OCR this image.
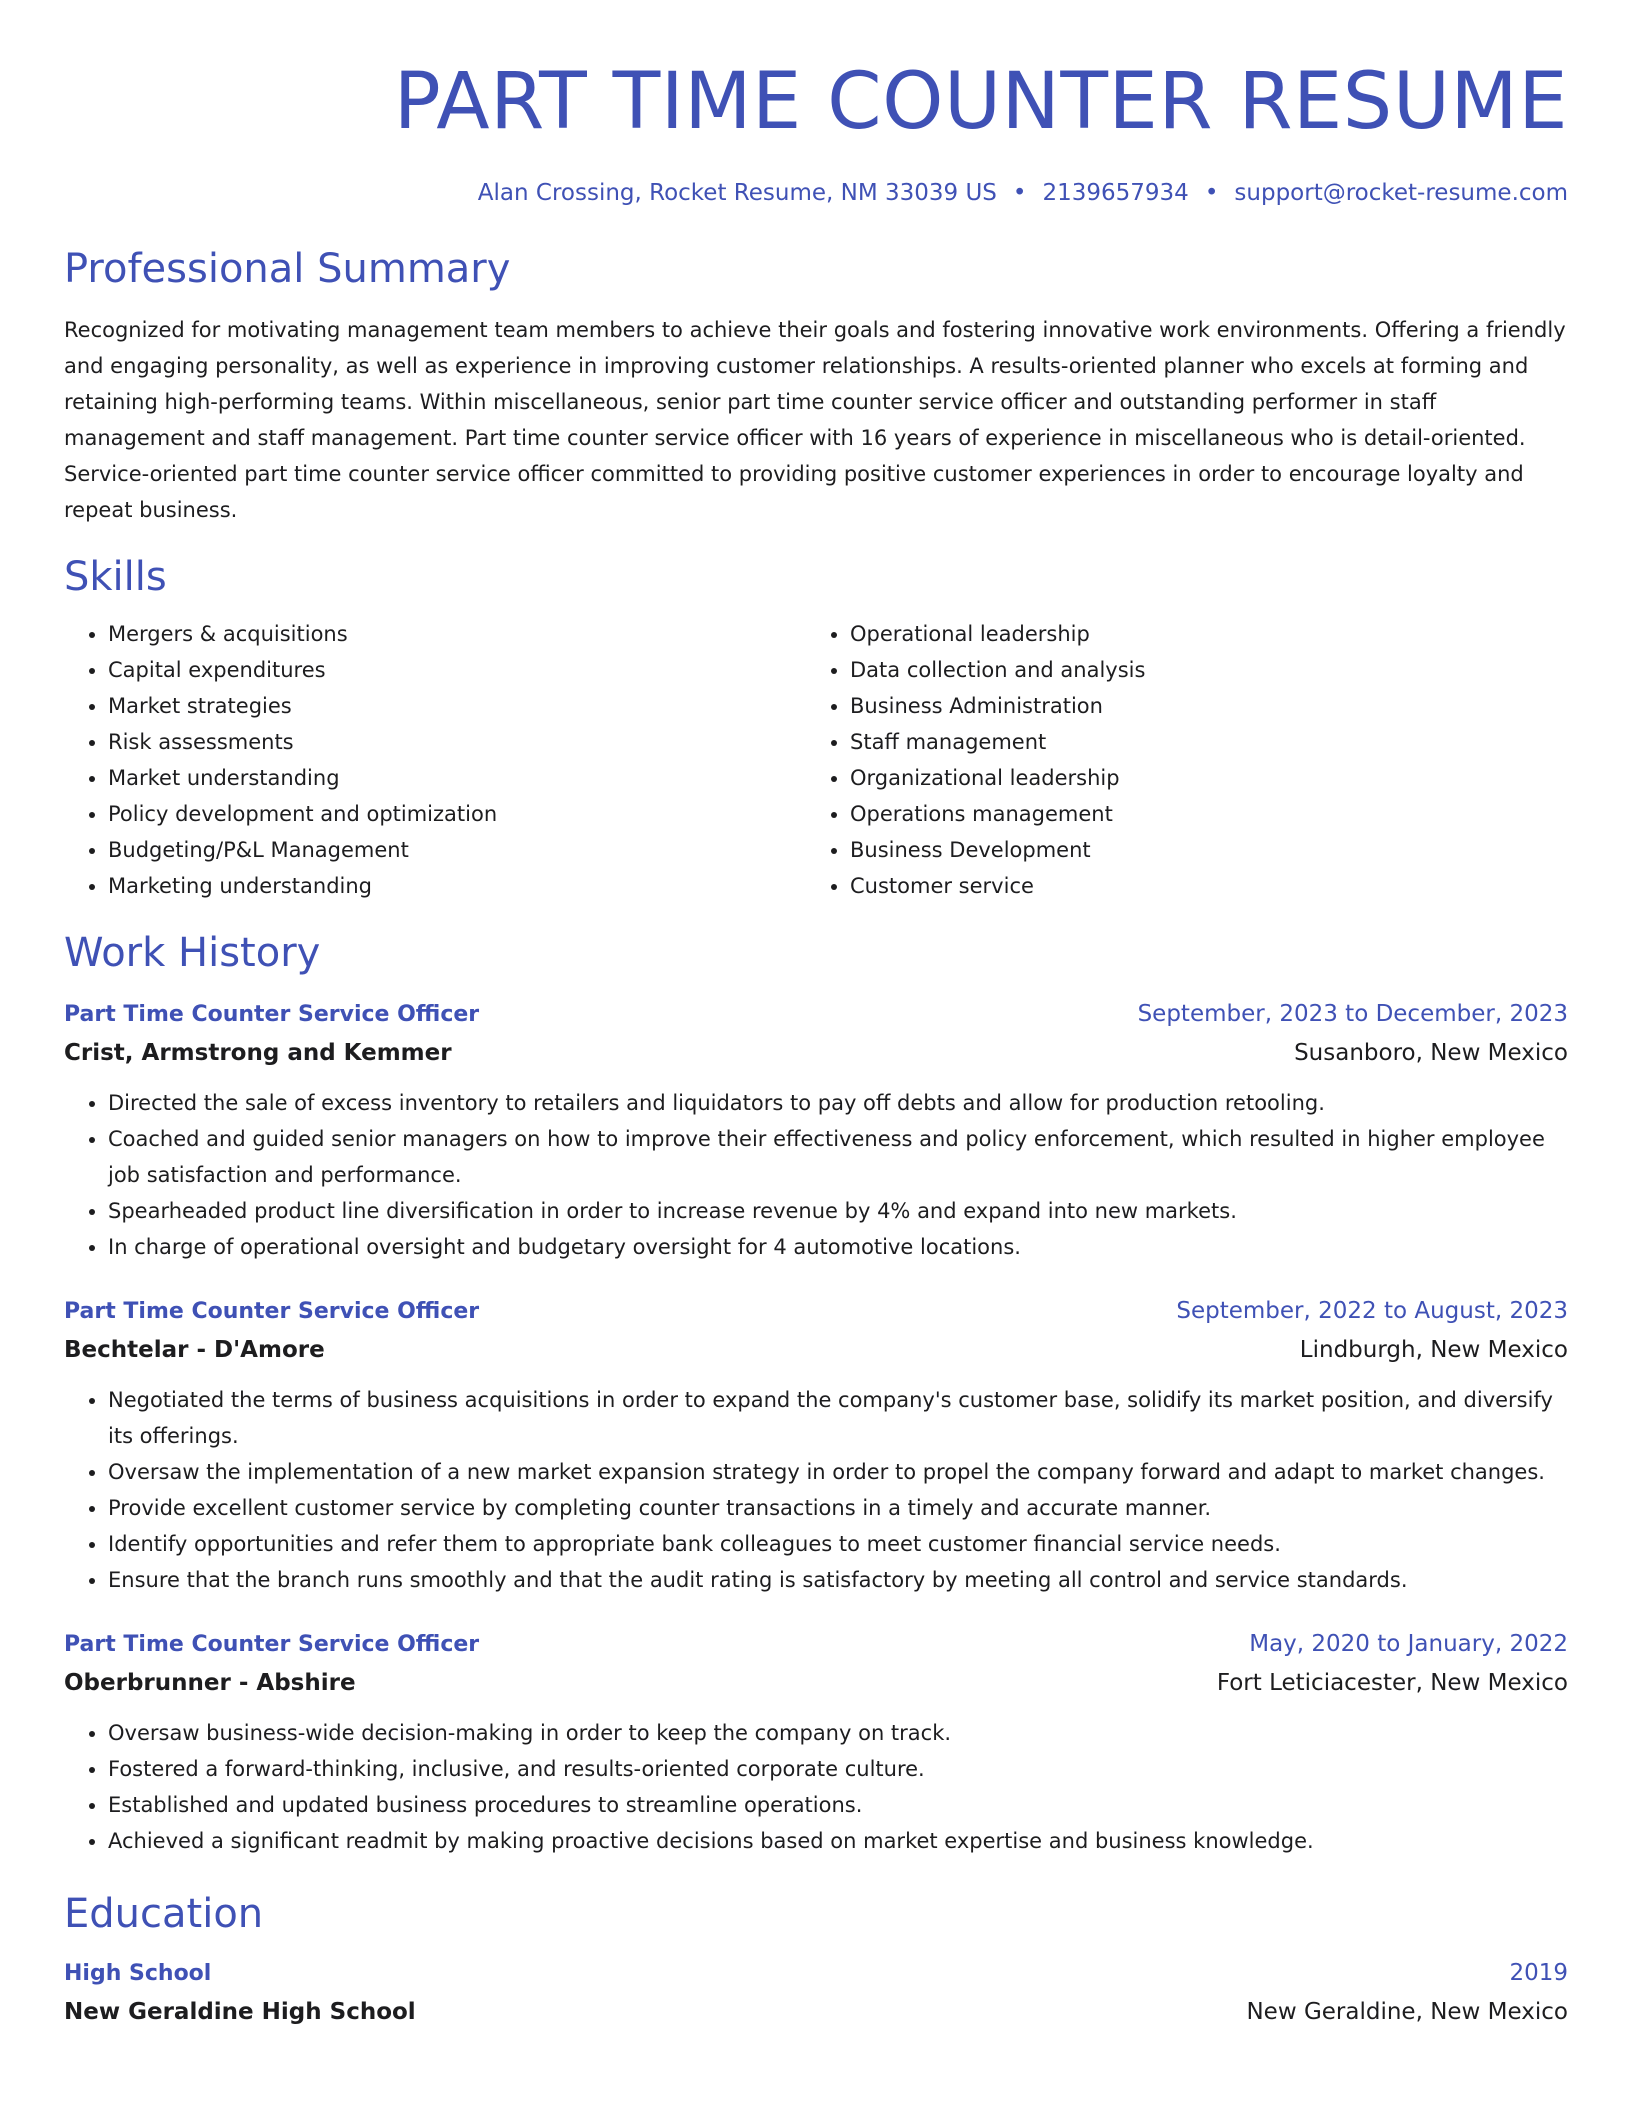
PART TIME COUNTER RESUME
Alan Crossing, Rocket Resume, NM 33039 US • 2139657934 • support@rocket-resume.com
Professional Summary
Recognized for motivating management team members to achieve their goals and fostering innovative work environments. Offering a friendly and engaging personality, as well as experience in improving customer relationships. A results-oriented planner who excels at forming and retaining high-performing teams. Within miscellaneous, senior part time counter service officer and outstanding performer in staff management and staff management. Part time counter service officer with 16 years of experience in miscellaneous who is detail-oriented. Service-oriented part time counter service officer committed to providing positive customer experiences in order to encourage loyalty and repeat business.
Skills
• Mergers & acquisitions
• Capital expenditures
• Market strategies
• Risk assessments
• Market understanding
• Policy development and optimization
• Budgeting/P&L Management
• Marketing understanding
• Operational leadership
• Data collection and analysis
• Business Administration
• Staff management
• Organizational leadership
• Operations management
• Business Development
• Customer service
Work History
Part Time Counter Service Officer	September, 2023 to December, 2023
Crist, Armstrong and Kemmer	Susanboro, New Mexico
• Directed the sale of excess inventory to retailers and liquidators to pay off debts and allow for production retooling.
• Coached and guided senior managers on how to improve their effectiveness and policy enforcement, which resulted in higher employee job satisfaction and performance.
• Spearheaded product line diversification in order to increase revenue by 4% and expand into new markets.
• In charge of operational oversight and budgetary oversight for 4 automotive locations.
Part Time Counter Service Officer	September, 2022 to August, 2023
Bechtelar - D'Amore	Lindburgh, New Mexico
• Negotiated the terms of business acquisitions in order to expand the company's customer base, solidify its market position, and diversify its offerings.
• Oversaw the implementation of a new market expansion strategy in order to propel the company forward and adapt to market changes.
• Provide excellent customer service by completing counter transactions in a timely and accurate manner.
• Identify opportunities and refer them to appropriate bank colleagues to meet customer financial service needs.
• Ensure that the branch runs smoothly and that the audit rating is satisfactory by meeting all control and service standards.
Part Time Counter Service Officer	May, 2020 to January, 2022
Oberbrunner - Abshire	Fort Leticiacester, New Mexico
• Oversaw business-wide decision-making in order to keep the company on track.
• Fostered a forward-thinking, inclusive, and results-oriented corporate culture.
• Established and updated business procedures to streamline operations.
• Achieved a significant readmit by making proactive decisions based on market expertise and business knowledge.
Education
High School	2019
New Geraldine High School	New Geraldine, New Mexico
